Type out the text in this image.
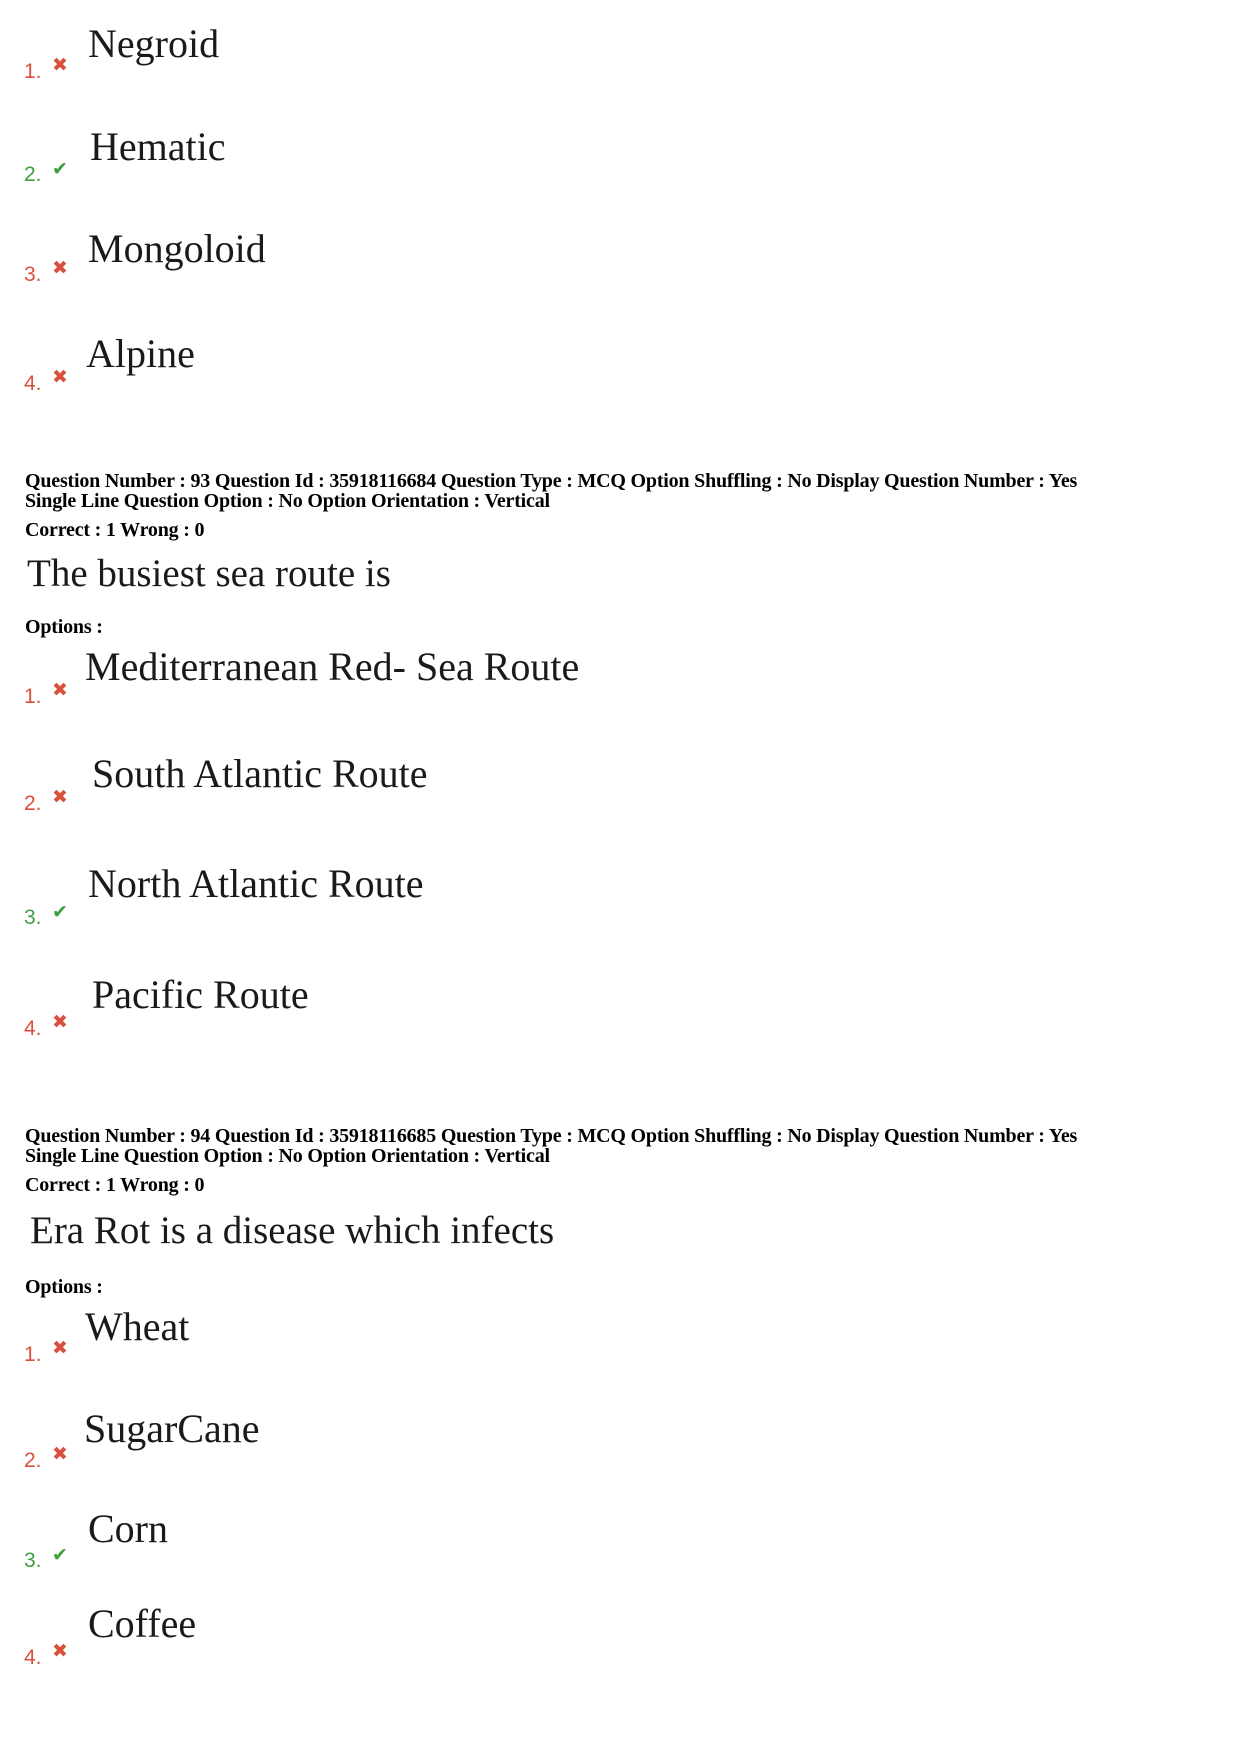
1. ✖ Negroid
2. ✔ Hematic
3. ✖ Mongoloid
4. ✖
Alpine
Question Number : 93 Question Id : 35918116684 Question Type : MCQ Option Shuffling : No Display Question Number : Yes
Single Line Question Option : No Option Orientation : Vertical
Correct : 1 Wrong : 0
The busiest sea route is
Options :
1. ✖
Mediterranean Red- Sea Route
2. ✖
South Atlantic Route
3. ✔
North Atlantic Route
4. ✖
Pacific Route
Question Number : 94 Question Id : 35918116685 Question Type : MCQ Option Shuffling : No Display Question Number : Yes
Single Line Question Option : No Option Orientation : Vertical
Correct : 1 Wrong : 0
Era Rot is a disease which infects
Options :
1. ✖ Wheat
2. ✖
SugarCane
3. ✔
Corn
4. ✖
Coffee
